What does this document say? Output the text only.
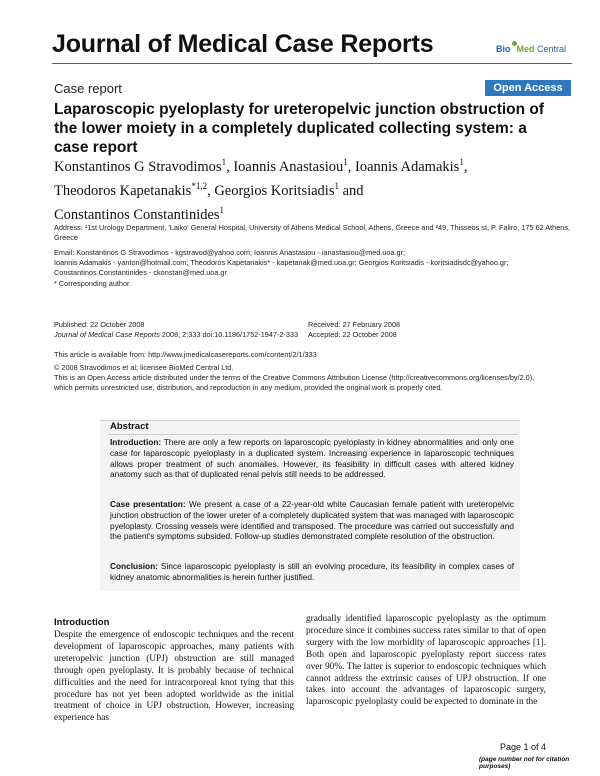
Journal of Medical Case Reports	Bio Med Central
Case report	Open Access
Laparoscopic pyeloplasty for ureteropelvic junction obstruction of the lower moiety in a completely duplicated collecting system: a case report
Konstantinos G Stravodimos$^1$, Ioannis Anastasiou$^1$, Ioannis Adamakis$^1$,
Theodoros Kapetanakis$^{*1,2}$, Georgios Koritsiadis$^1$ and
Constantinos Constantinides$^1$
Address: ¹1st Urology Department, 'Laiko' General Hospital, University of Athens Medical School, Athens, Greece and ²49, Thisseos st, P. Faliro, 175 62 Athens, Greece
Email: Konstantinos G Stravodimos - kgstravod@yahoo.com; Ioannis Anastasiou - ianastasiou@med.uoa.gr;
Ioannis Adamakis - yanton@hotmail.com; Theodoros Kapetanakis* - kapetanak@med.uoa.gr; Georgios Koritsiadis - koritsiadisdc@yahoo.gr;
Constantinos Constantinides - ckonstan@med.uoa.gr
* Corresponding author
Published: 22 October 2008
Journal of Medical Case Reports 2008, 2:333 doi:10.1186/1752-1947-2-333
Received: 27 February 2008
Accepted: 22 October 2008
This article is available from: http://www.jmedicalcasereports.com/content/2/1/333
© 2008 Stravodimos et al; licensee BioMed Central Ltd.
This is an Open Access article distributed under the terms of the Creative Commons Attribution License (http://creativecommons.org/licenses/by/2.0),
which permits unrestricted use, distribution, and reproduction in any medium, provided the original work is properly cited.
Abstract
Introduction: There are only a few reports on laparoscopic pyeloplasty in kidney abnormalities and only one case for laparoscopic pyeloplasty in a duplicated system. Increasing experience in laparoscopic techniques allows proper treatment of such anomalies. However, its feasibility in difficult cases with altered kidney anatomy such as that of duplicated renal pelvis still needs to be addressed.
Case presentation: We present a case of a 22-year-old white Caucasian female patient with ureteropelvic junction obstruction of the lower ureter of a completely duplicated system that was managed with laparoscopic pyeloplasty. Crossing vessels were identified and transposed. The procedure was carried out successfully and the patient's symptoms subsided. Follow-up studies demonstrated complete resolution of the obstruction.
Conclusion: Since laparoscopic pyeloplasty is still an evolving procedure, its feasibility in complex cases of kidney anatomic abnormalities is herein further justified.
Introduction
Despite the emergence of endoscopic techniques and the recent development of laparoscopic approaches, many patients with ureteropelvic junction (UPJ) obstruction are still managed through open pyeloplasty. It is probably because of technical difficulties and the need for intracorporeal knot tying that this procedure has not yet been adopted worldwide as the initial treatment of choice in UPJ obstruction. However, increasing experience has
gradually identified laparoscopic pyeloplasty as the optimum procedure since it combines success rates similar to that of open surgery with the low morbidity of laparoscopic approaches [1]. Both open and laparoscopic pyeloplasty report success rates over 90%. The latter is superior to endoscopic techniques which cannot address the extrinsic causes of UPJ obstruction. If one takes into account the advantages of laparoscopic surgery, laparoscopic pyeloplasty could be expected to dominate in the
Page 1 of 4
(page number not for citation purposes)
